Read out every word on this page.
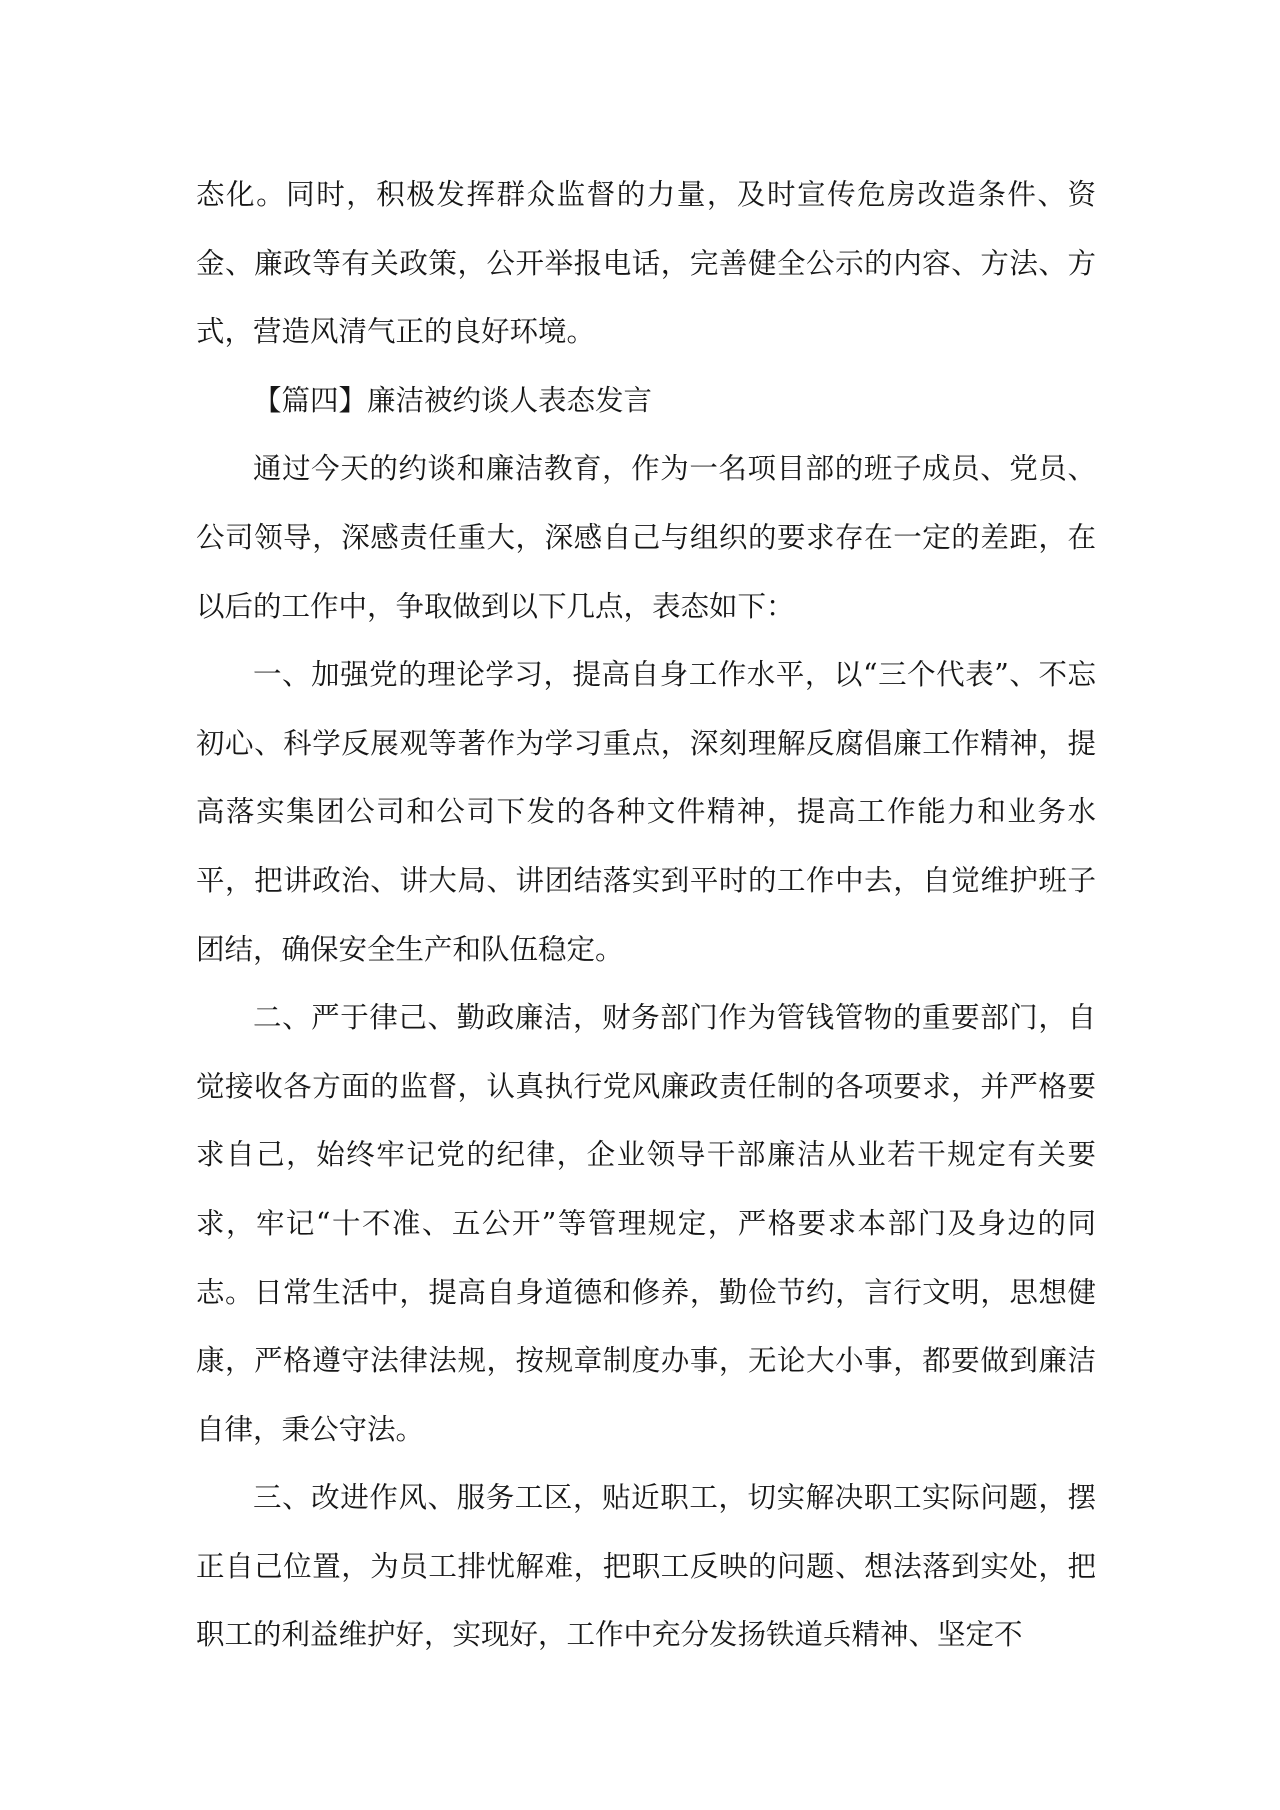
态化。同时，积极发挥群众监督的力量，及时宣传危房改造条件、资金、廉政等有关政策，公开举报电话，完善健全公示的内容、方法、方式，营造风清气正的良好环境。

【篇四】廉洁被约谈人表态发言

通过今天的约谈和廉洁教育，作为一名项目部的班子成员、党员、公司领导，深感责任重大，深感自己与组织的要求存在一定的差距，在以后的工作中，争取做到以下几点，表态如下：

一、加强党的理论学习，提高自身工作水平，以“三个代表”、不忘初心、科学反展观等著作为学习重点，深刻理解反腐倡廉工作精神，提高落实集团公司和公司下发的各种文件精神，提高工作能力和业务水平，把讲政治、讲大局、讲团结落实到平时的工作中去，自觉维护班子团结，确保安全生产和队伍稳定。

二、严于律己、勤政廉洁，财务部门作为管钱管物的重要部门，自觉接收各方面的监督，认真执行党风廉政责任制的各项要求，并严格要求自己，始终牢记党的纪律，企业领导干部廉洁从业若干规定有关要求，牢记“十不准、五公开”等管理规定，严格要求本部门及身边的同志。日常生活中，提高自身道德和修养，勤俭节约，言行文明，思想健康，严格遵守法律法规，按规章制度办事，无论大小事，都要做到廉洁自律，秉公守法。

三、改进作风、服务工区，贴近职工，切实解决职工实际问题，摆正自己位置，为员工排忧解难，把职工反映的问题、想法落到实处，把职工的利益维护好，实现好，工作中充分发扬铁道兵精神、坚定不
